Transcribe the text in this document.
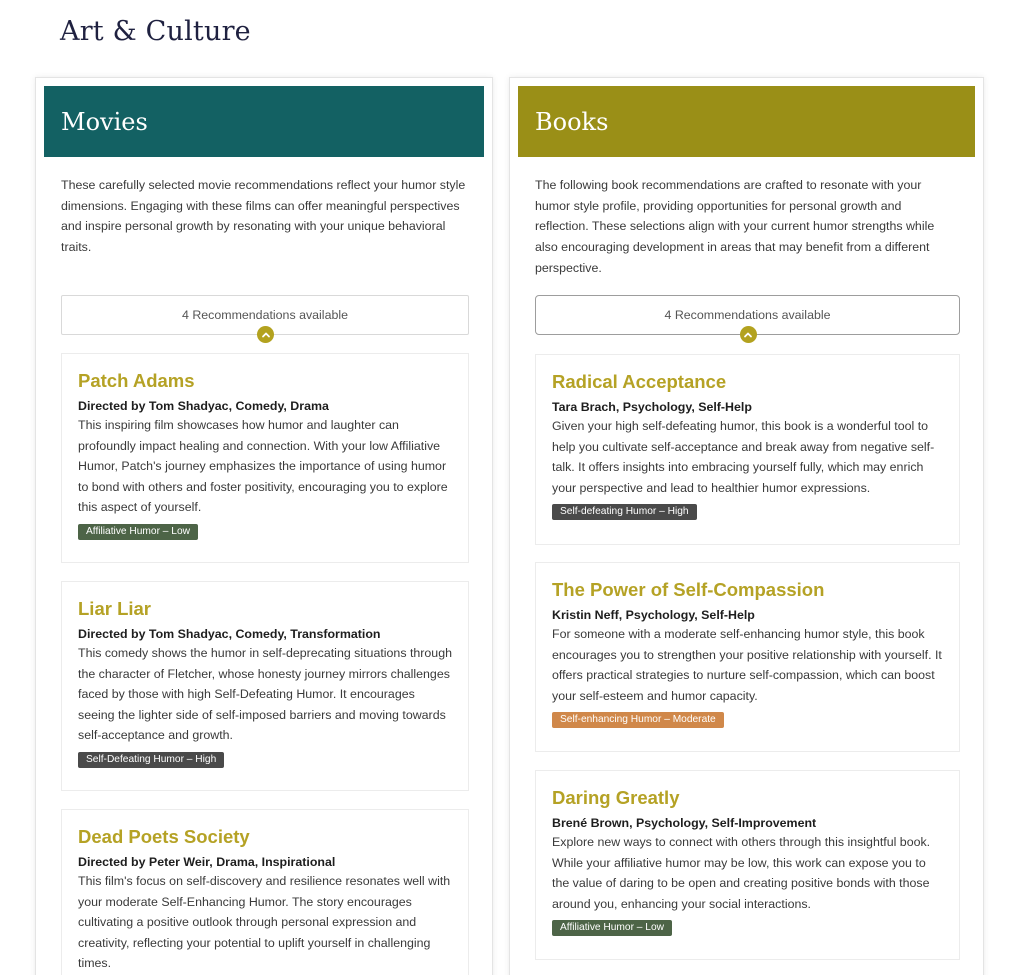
Art & Culture
Movies

These carefully selected movie recommendations reflect your humor style dimensions. Engaging with these films can offer meaningful perspectives and inspire personal growth by resonating with your unique behavioral traits.

4 Recommendations available
Patch Adams
Directed by Tom Shadyac, Comedy, Drama
This inspiring film showcases how humor and laughter can profoundly impact healing and connection. With your low Affiliative Humor, Patch's journey emphasizes the importance of using humor to bond with others and foster positivity, encouraging you to explore this aspect of yourself.
Affiliative Humor – Low
Liar Liar
Directed by Tom Shadyac, Comedy, Transformation
This comedy shows the humor in self-deprecating situations through the character of Fletcher, whose honesty journey mirrors challenges faced by those with high Self-Defeating Humor. It encourages seeing the lighter side of self-imposed barriers and moving towards self-acceptance and growth.
Self-Defeating Humor – High
Dead Poets Society
Directed by Peter Weir, Drama, Inspirational
This film's focus on self-discovery and resilience resonates well with your moderate Self-Enhancing Humor. The story encourages cultivating a positive outlook through personal expression and creativity, reflecting your potential to uplift yourself in challenging times.
Books

The following book recommendations are crafted to resonate with your humor style profile, providing opportunities for personal growth and reflection. These selections align with your current humor strengths while also encouraging development in areas that may benefit from a different perspective.

4 Recommendations available
Radical Acceptance
Tara Brach, Psychology, Self-Help
Given your high self-defeating humor, this book is a wonderful tool to help you cultivate self-acceptance and break away from negative self-talk. It offers insights into embracing yourself fully, which may enrich your perspective and lead to healthier humor expressions.
Self-defeating Humor – High
The Power of Self-Compassion
Kristin Neff, Psychology, Self-Help
For someone with a moderate self-enhancing humor style, this book encourages you to strengthen your positive relationship with yourself. It offers practical strategies to nurture self-compassion, which can boost your self-esteem and humor capacity.
Self-enhancing Humor – Moderate
Daring Greatly
Brené Brown, Psychology, Self-Improvement
Explore new ways to connect with others through this insightful book. While your affiliative humor may be low, this work can expose you to the value of daring to be open and creating positive bonds with those around you, enhancing your social interactions.
Affiliative Humor – Low
